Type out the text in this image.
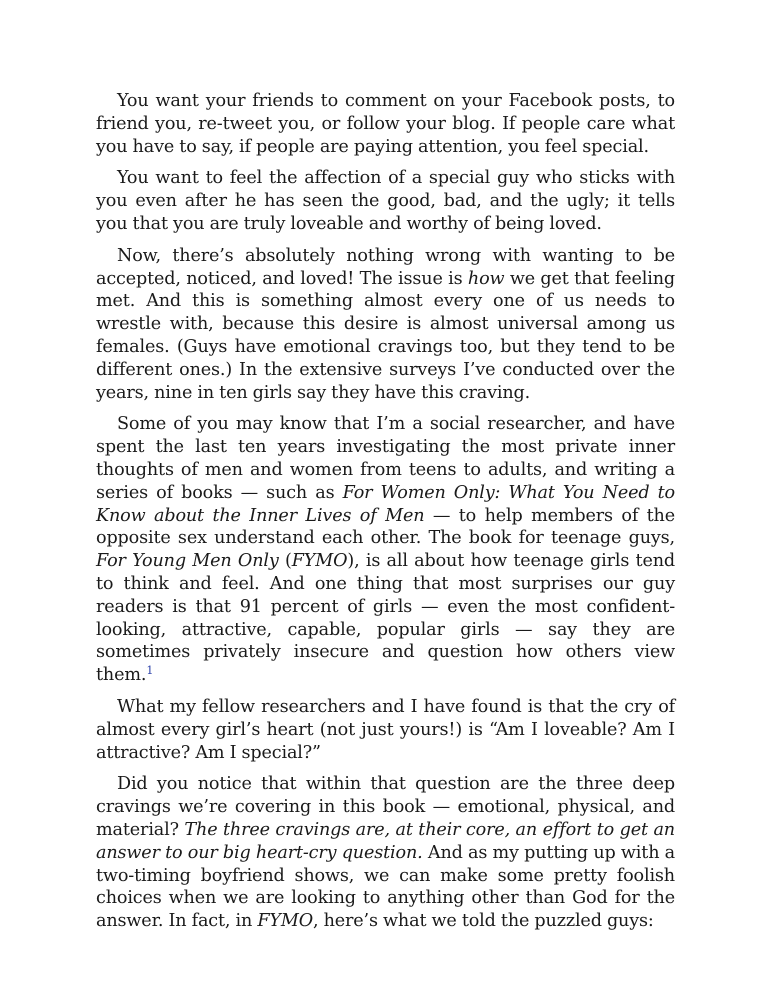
You want your friends to comment on your Facebook posts, to friend you, re-tweet you, or follow your blog. If people care what you have to say, if people are paying attention, you feel special.

You want to feel the affection of a special guy who sticks with you even after he has seen the good, bad, and the ugly; it tells you that you are truly loveable and worthy of being loved.

Now, there’s absolutely nothing wrong with wanting to be accepted, noticed, and loved! The issue is how we get that feeling met. And this is something almost every one of us needs to wrestle with, because this desire is almost universal among us females. (Guys have emotional cravings too, but they tend to be different ones.) In the extensive surveys I’ve conducted over the years, nine in ten girls say they have this craving.

Some of you may know that I’m a social researcher, and have spent the last ten years investigating the most private inner thoughts of men and women from teens to adults, and writing a series of books — such as For Women Only: What You Need to Know about the Inner Lives of Men — to help members of the opposite sex understand each other. The book for teenage guys, For Young Men Only (FYMO), is all about how teenage girls tend to think and feel. And one thing that most surprises our guy readers is that 91 percent of girls — even the most confident-looking, attractive, capable, popular girls — say they are sometimes privately insecure and question how others view them.$^1$

What my fellow researchers and I have found is that the cry of almost every girl’s heart (not just yours!) is “Am I loveable? Am I attractive? Am I special?”

Did you notice that within that question are the three deep cravings we’re covering in this book — emotional, physical, and material? The three cravings are, at their core, an effort to get an answer to our big heart-cry question. And as my putting up with a two-timing boyfriend shows, we can make some pretty foolish choices when we are looking to anything other than God for the answer. In fact, in FYMO, here’s what we told the puzzled guys:
